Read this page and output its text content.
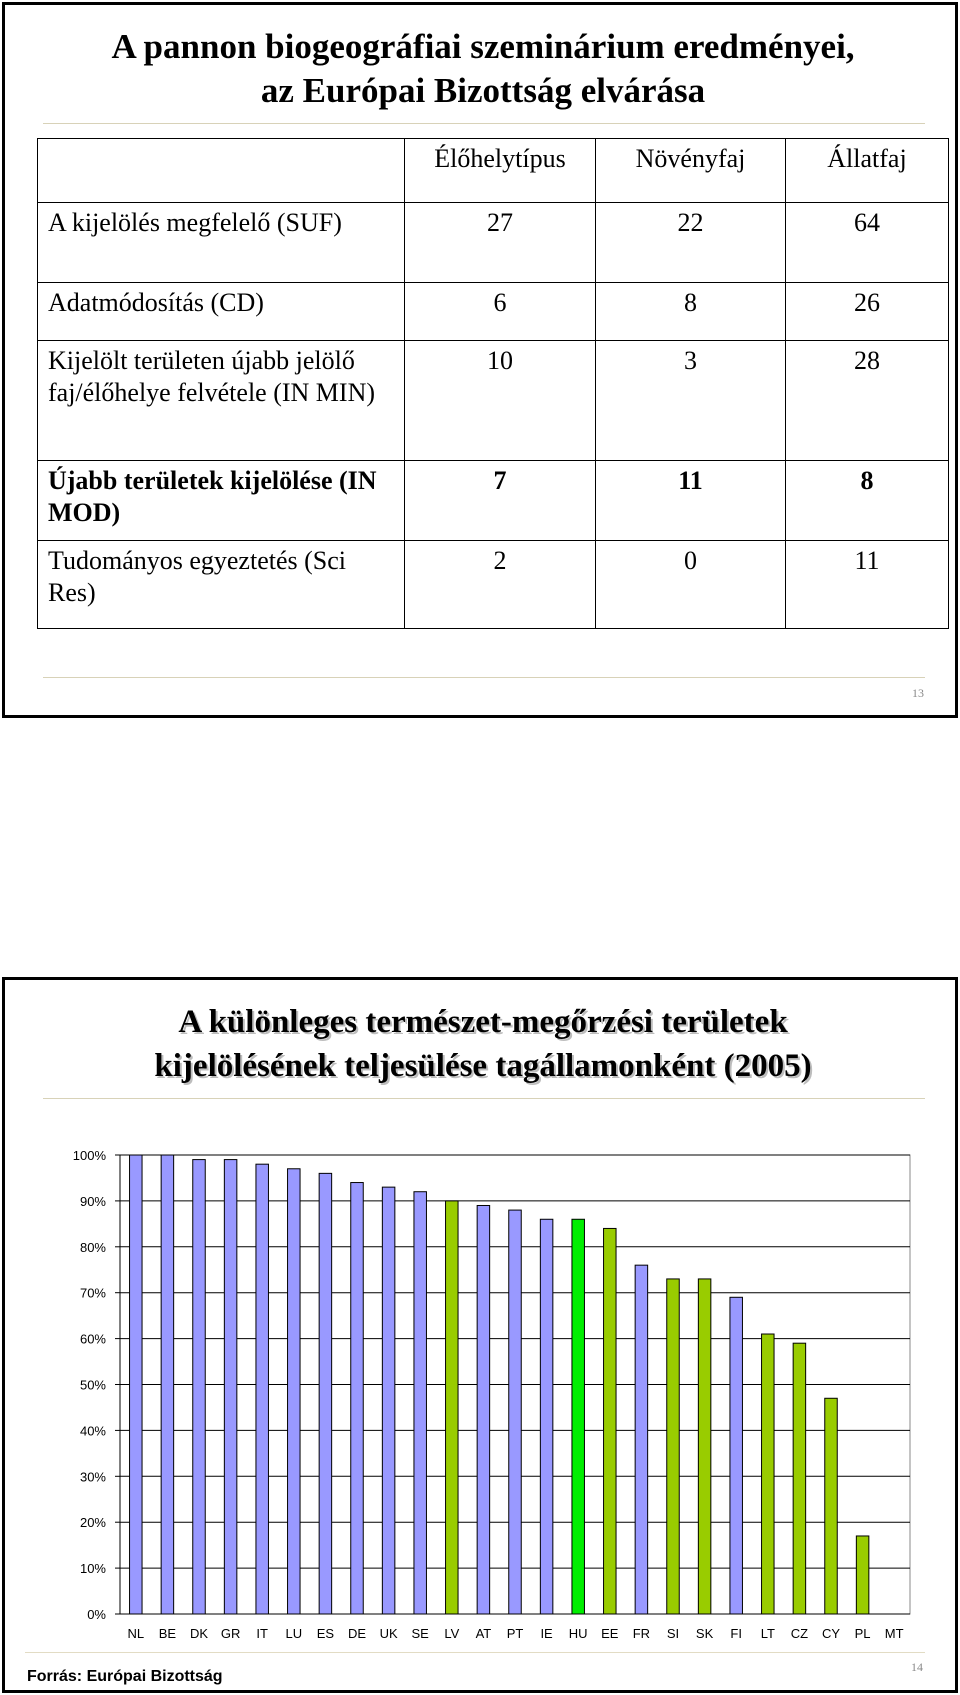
A pannon biogeográfiai szeminárium eredményei,
az Európai Bizottság elvárása
	Élőhelytípus	Növényfaj	Állatfaj
A kijelölés megfelelő (SUF)	27	22	64
Adatmódosítás (CD)	6	8	26
Kijelölt területen újabb jelölő faj/élőhelye felvétele (IN MIN)	10	3	28
Újabb területek kijelölése (IN MOD)	7	11	8
Tudományos egyeztetés (Sci Res)	2	0	11
13
A különleges természet-megőrzési területek
kijelölésének teljesülése tagállamonként (2005)
0%
10%
20%
30%
40%
50%
60%
70%
80%
90%
100%
NL BE DK GR IT LU ES DE UK SE LV AT PT IE HU EE FR SI SK FI LT CZ CY PL MT
14
Forrás: Európai Bizottság
